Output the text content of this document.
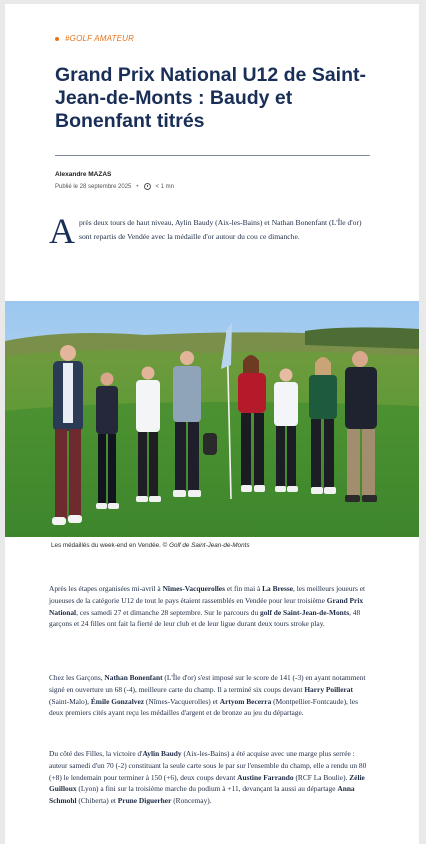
#GOLF AMATEUR
Grand Prix National U12 de Saint-Jean-de-Monts : Baudy et Bonenfant titrés
Alexandre MAZAS
Publié le 28 septembre 2025 •	< 1 mn
Après deux tours de haut niveau, Aylin Baudy (Aix-les-Bains) et Nathan Bonenfant (L'Île d'or) sont repartis de Vendée avec la médaille d'or autour du cou ce dimanche.
Les médaillés du week-end en Vendée. © Golf de Saint-Jean-de-Monts

Après les étapes organisées mi-avril à Nîmes-Vacquerolles et fin mai à La Bresse, les meilleurs joueurs et joueuses de la catégorie U12 de tout le pays étaient rassemblés en Vendée pour leur troisième Grand Prix National, ces samedi 27 et dimanche 28 septembre. Sur le parcours du golf de Saint-Jean-de-Monts, 48 garçons et 24 filles ont fait la fierté de leur club et de leur ligue durant deux tours stroke play.

Chez les Garçons, Nathan Bonenfant (L'Île d'or) s'est imposé sur le score de 141 (-3) en ayant notamment signé en ouverture un 68 (-4), meilleure carte du champ. Il a terminé six coups devant Harry Poillerat (Saint-Malo), Émile Gonzalvez (Nîmes-Vacquerolles) et Artyom Becerra (Montpellier-Fontcaude), les deux premiers cités ayant reçu les médailles d'argent et de bronze au jeu du départage.

Du côté des Filles, la victoire d'Aylin Baudy (Aix-les-Bains) a été acquise avec une marge plus serrée : auteur samedi d'un 70 (-2) constituant la seule carte sous le par sur l'ensemble du champ, elle a rendu un 80 (+8) le lendemain pour terminer à 150 (+6), deux coups devant Austine Farrando (RCF La Boulie). Zélie Guilloux (Lyon) a fini sur la troisième marche du podium à +11, devançant la aussi au départage Anna Schmohl (Chiberta) et Prune Diguerher (Roncemay).
